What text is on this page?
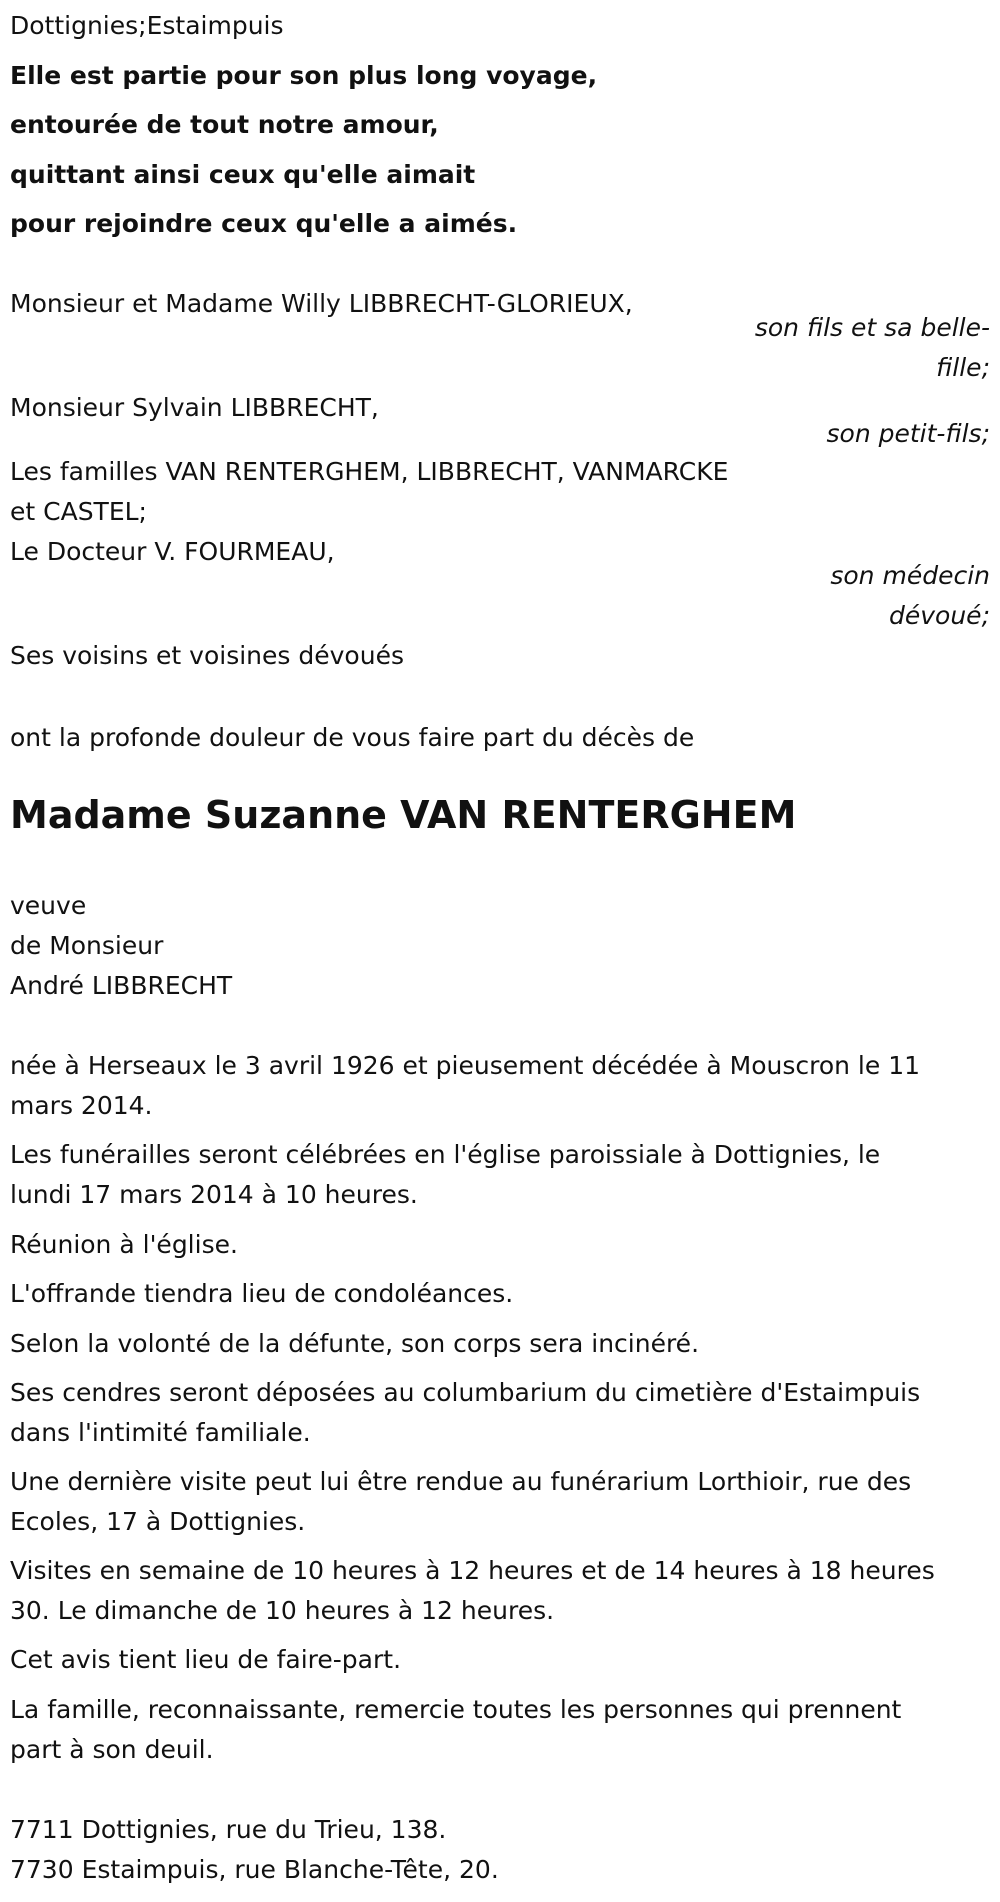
Dottignies;Estaimpuis
Elle est partie pour son plus long voyage,
entourée de tout notre amour,
quittant ainsi ceux qu'elle aimait
pour rejoindre ceux qu'elle a aimés.
Monsieur et Madame Willy LIBBRECHT-GLORIEUX,
son fils et sa belle-
fille;
Monsieur Sylvain LIBBRECHT,
son petit-fils;
Les familles VAN RENTERGHEM, LIBBRECHT, VANMARCKE
et CASTEL;
Le Docteur V. FOURMEAU,
son médecin
dévoué;
Ses voisins et voisines dévoués
ont la profonde douleur de vous faire part du décès de
Madame Suzanne VAN RENTERGHEM
veuve
de Monsieur
André LIBBRECHT
née à Herseaux le 3 avril 1926 et pieusement décédée à Mouscron le 11
mars 2014.
Les funérailles seront célébrées en l'église paroissiale à Dottignies, le
lundi 17 mars 2014 à 10 heures.
Réunion à l'église.
L'offrande tiendra lieu de condoléances.
Selon la volonté de la défunte, son corps sera incinéré.
Ses cendres seront déposées au columbarium du cimetière d'Estaimpuis
dans l'intimité familiale.
Une dernière visite peut lui être rendue au funérarium Lorthioir, rue des
Ecoles, 17 à Dottignies.
Visites en semaine de 10 heures à 12 heures et de 14 heures à 18 heures
30. Le dimanche de 10 heures à 12 heures.
Cet avis tient lieu de faire-part.
La famille, reconnaissante, remercie toutes les personnes qui prennent
part à son deuil.
7711 Dottignies, rue du Trieu, 138.
7730 Estaimpuis, rue Blanche-Tête, 20.
